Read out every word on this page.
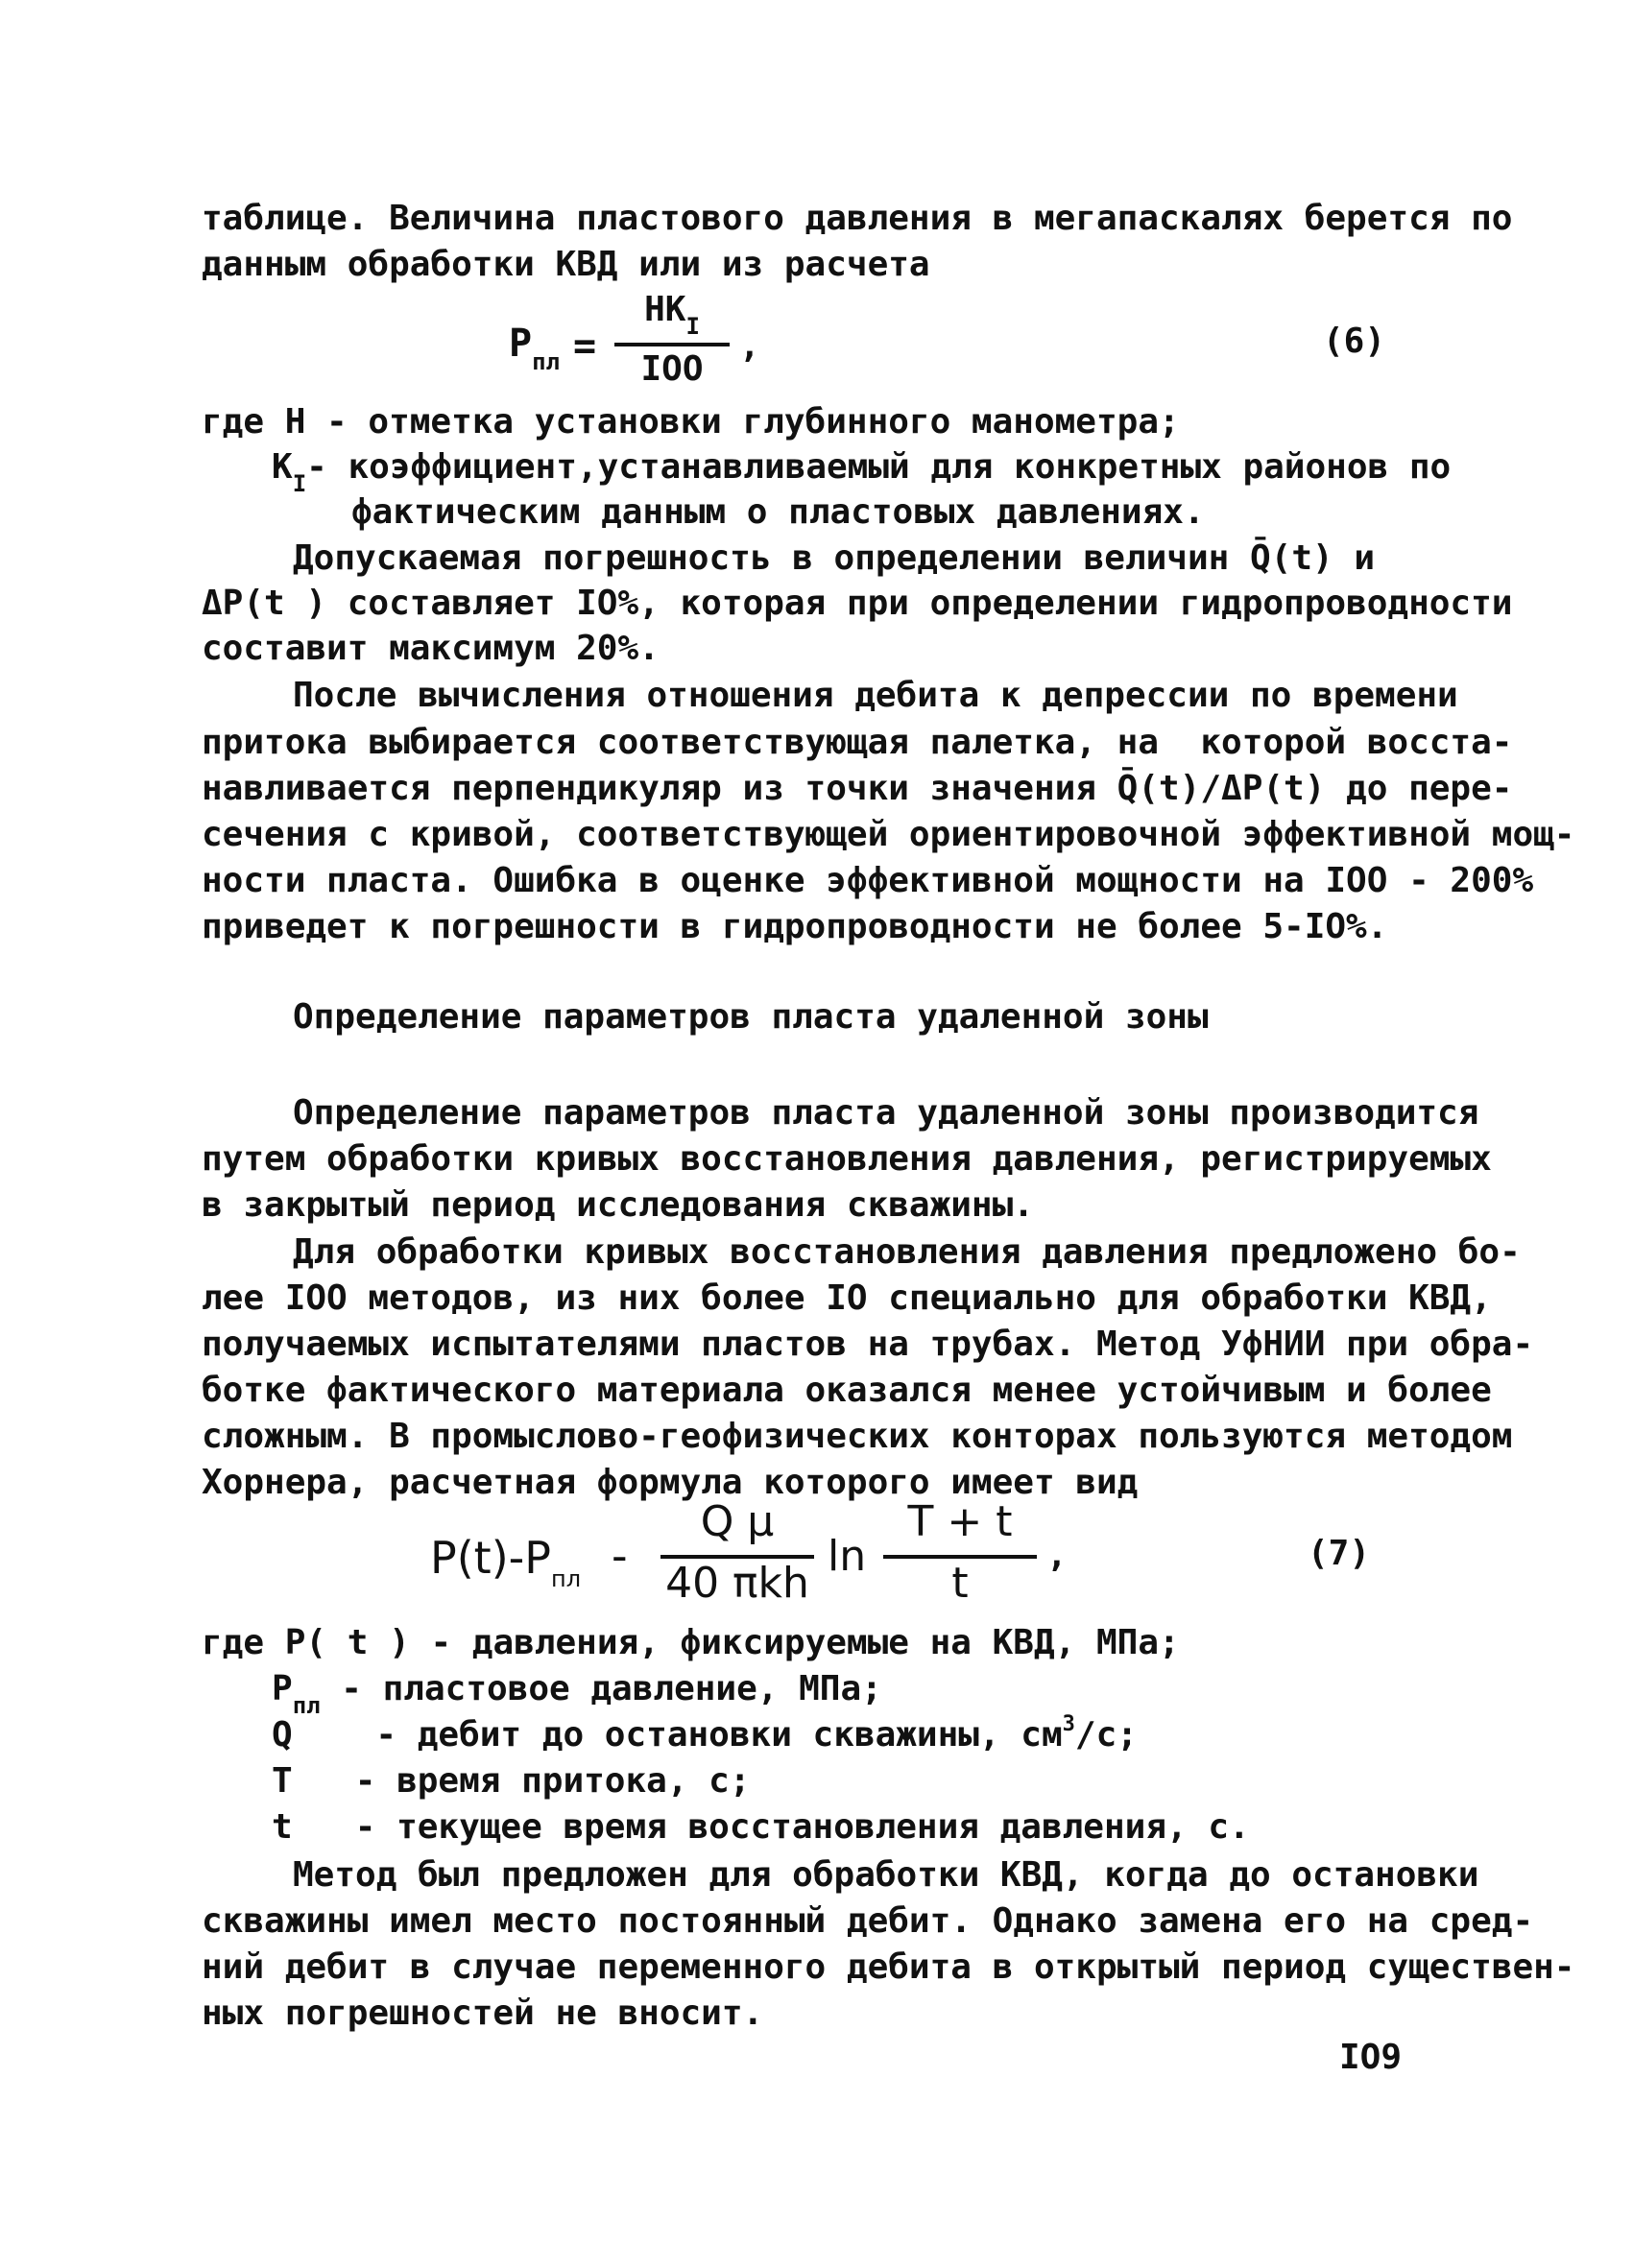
таблице. Величина пластового давления в мегапаскалях берется по
данным обработки КВД или из расчета
$P_{пл}$ =
$HK_I$
IOO
,	(6)
где H - отметка установки глубинного манометра;
$K_I-$ коэффициент,устанавливаемый для конкретных районов по
фактическим данным о пластовых давлениях.
Допускаемая погрешность в определении величин Q̄(t) и
ΔP(t ) составляет IO%, которая при определении гидропроводности
составит максимум 20%.
После вычисления отношения дебита к депрессии по времени
притока выбирается соответствующая палетка, на  которой восста-
навливается перпендикуляр из точки значения Q̄(t)/ΔP(t) до пере-
сечения с кривой, соответствующей ориентировочной эффективной мощ-
ности пласта. Ошибка в оценке эффективной мощности на IOO - 200%
приведет к погрешности в гидропроводности не более 5-IO%.
Определение параметров пласта удаленной зоны
Определение параметров пласта удаленной зоны производится
путем обработки кривых восстановления давления, регистрируемых
в закрытый период исследования скважины.
Для обработки кривых восстановления давления предложено бо-
лее IOO методов, из них более IO специально для обработки КВД,
получаемых испытателями пластов на трубах. Метод УфНИИ при обра-
ботке фактического материала оказался менее устойчивым и более
сложным. В промыслово-геофизических конторах пользуются методом
Хорнера, расчетная формула которого имеет вид
$P(t)-P_{пл}$ -
Q μ
40 πkh
ln
T + t
t
,	(7)
где P( t ) - давления, фиксируемые на КВД, МПа;
$P_{пл}$ - пластовое давление, МПа;
Q - дебит до остановки скважины, $см^3/с$;
T - время притока, с;
t - текущее время восстановления давления, с.
Метод был предложен для обработки КВД, когда до остановки
скважины имел место постоянный дебит. Однако замена его на сред-
ний дебит в случае переменного дебита в открытый период существен-
ных погрешностей не вносит.
IO9
